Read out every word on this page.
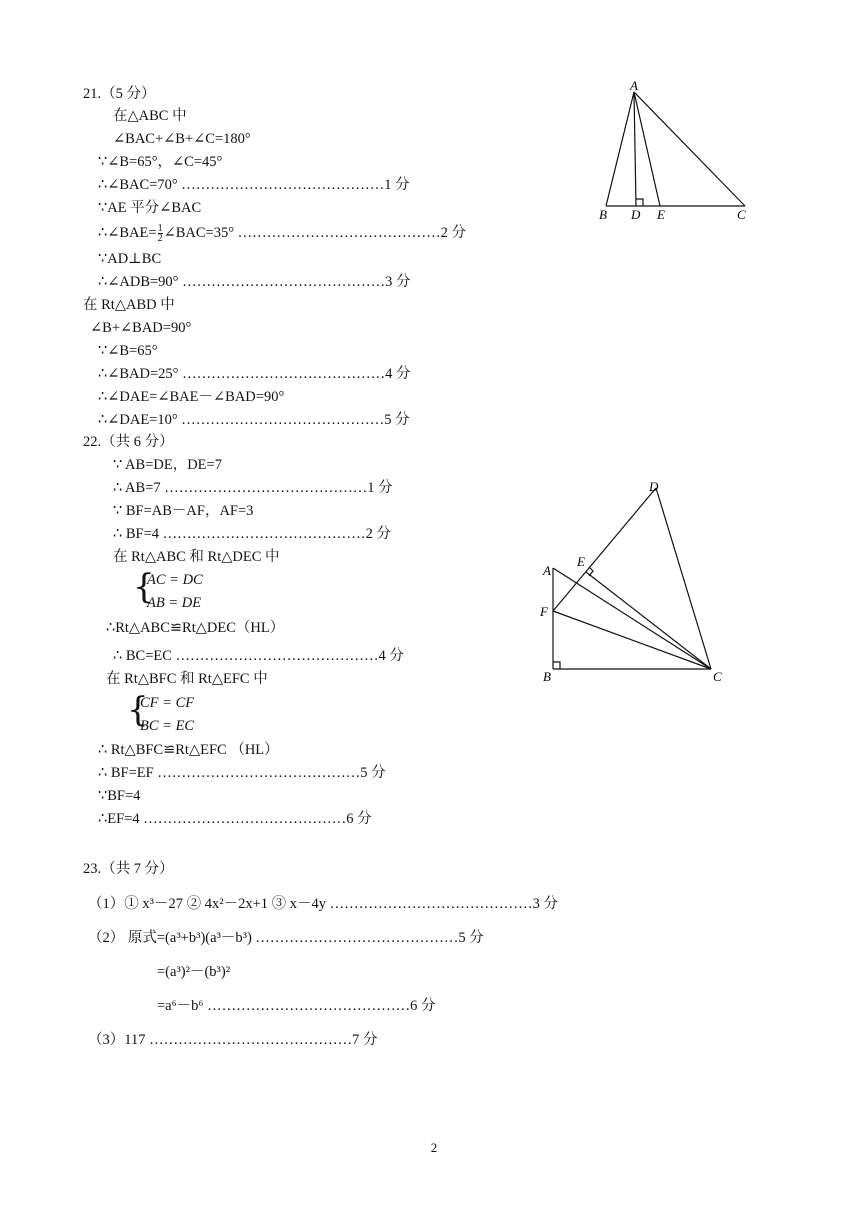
21.（5 分）
在△ABC 中
∠BAC+∠B+∠C=180°
∵∠B=65°，∠C=45°
∴∠BAC=70° ……………………………………1 分
∵AE 平分∠BAC
∴∠BAE= $\frac{1}{2}$ ∠BAC=35° ……………………………………2 分
∵AD⊥BC
∴∠ADB=90° ……………………………………3 分
在 Rt△ABD 中
∠B+∠BAD=90°
∵∠B=65°
∴∠BAD=25° ……………………………………4 分
∴∠DAE=∠BAE－∠BAD=90°
∴∠DAE=10° ……………………………………5 分
A
B D E	C
22.（共 6 分）
∵ AB=DE，DE=7
∴ AB=7 ……………………………………1 分
∵ BF=AB－AF，AF=3
∴ BF=4 ……………………………………2 分
在 Rt△ABC 和 Rt△DEC 中
{
AC = DC
AB = DE
∴Rt△ABC≌Rt△DEC（HL）
∴ BC=EC ……………………………………4 分
在 Rt△BFC 和 Rt△EFC 中
{
CF = CF
BC = EC
∴ Rt△BFC≌Rt△EFC （HL）
∴ BF=EF ……………………………………5 分
∵BF=4
∴EF=4 ……………………………………6 分
D
E
A
F
B	C
23.（共 7 分）
（1）① x³－27 ② 4x²－2x+1 ③ x－4y ……………………………………3 分
（2） 原式=(a³+b³)(a³－b³) ……………………………………5 分
=(a³)²－(b³)²
=a⁶－b⁶ ……………………………………6 分
（3）117 ……………………………………7 分
2
